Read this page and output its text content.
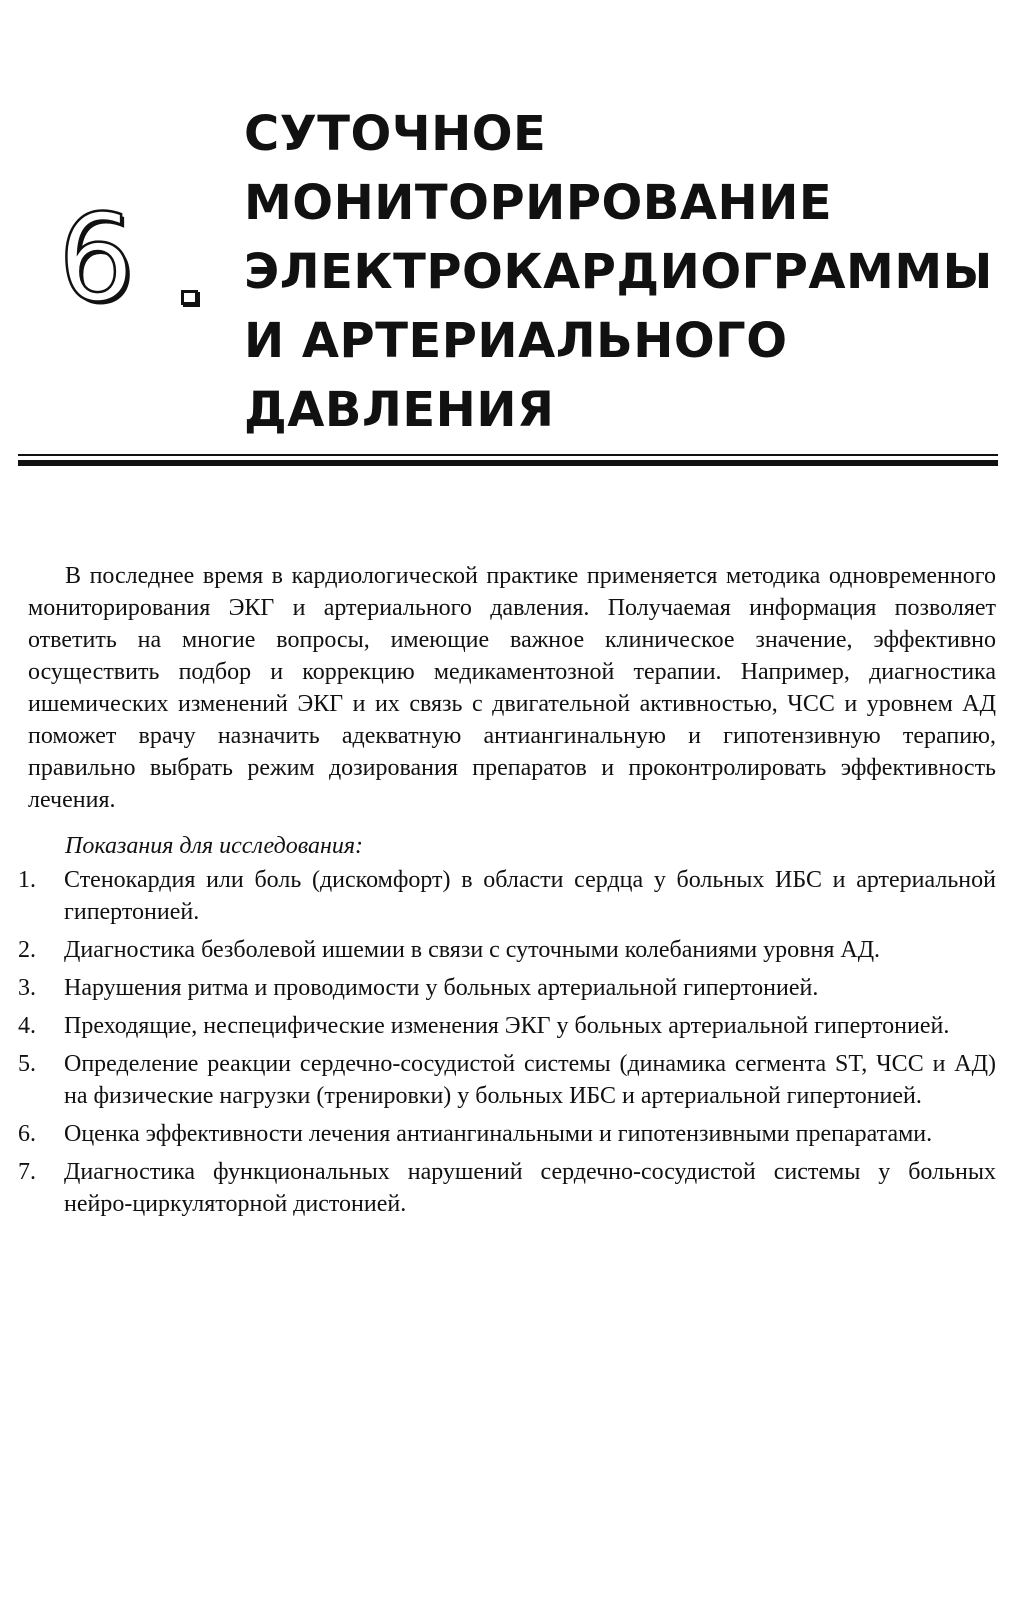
6
СУТОЧНОЕ
МОНИТОРИРОВАНИЕ
ЭЛЕКТРОКАРДИОГРАММЫ
И АРТЕРИАЛЬНОГО
ДАВЛЕНИЯ

В последнее время в кардиологической практике применяется методика одновременного мониторирования ЭКГ и артериального давления. Получаемая информация позволяет ответить на многие вопросы, имеющие важное клиническое значение, эффективно осуществить подбор и коррекцию медикаментозной терапии. Например, диагностика ишемических изменений ЭКГ и их связь с двигательной активностью, ЧСС и уровнем АД поможет врачу назначить адекватную антиангинальную и гипотензивную терапию, правильно выбрать режим дозирования препаратов и проконтролировать эффективность лечения.

Показания для исследования:

1.	Стенокардия или боль (дискомфорт) в области сердца у больных ИБС и артериальной гипертонией.
2.	Диагностика безболевой ишемии в связи с суточными колебаниями уровня АД.
3.	Нарушения ритма и проводимости у больных артериальной гипертонией.
4.	Преходящие, неспецифические изменения ЭКГ у больных артериальной гипертонией.
5.	Определение реакции сердечно-сосудистой системы (динамика сегмента ST, ЧСС и АД) на физические нагрузки (тренировки) у больных ИБС и артериальной гипертонией.
6.	Оценка эффективности лечения антиангинальными и гипотензивными препаратами.
7.	Диагностика функциональных нарушений сердечно-сосудистой системы у больных нейро-циркуляторной дистонией.
